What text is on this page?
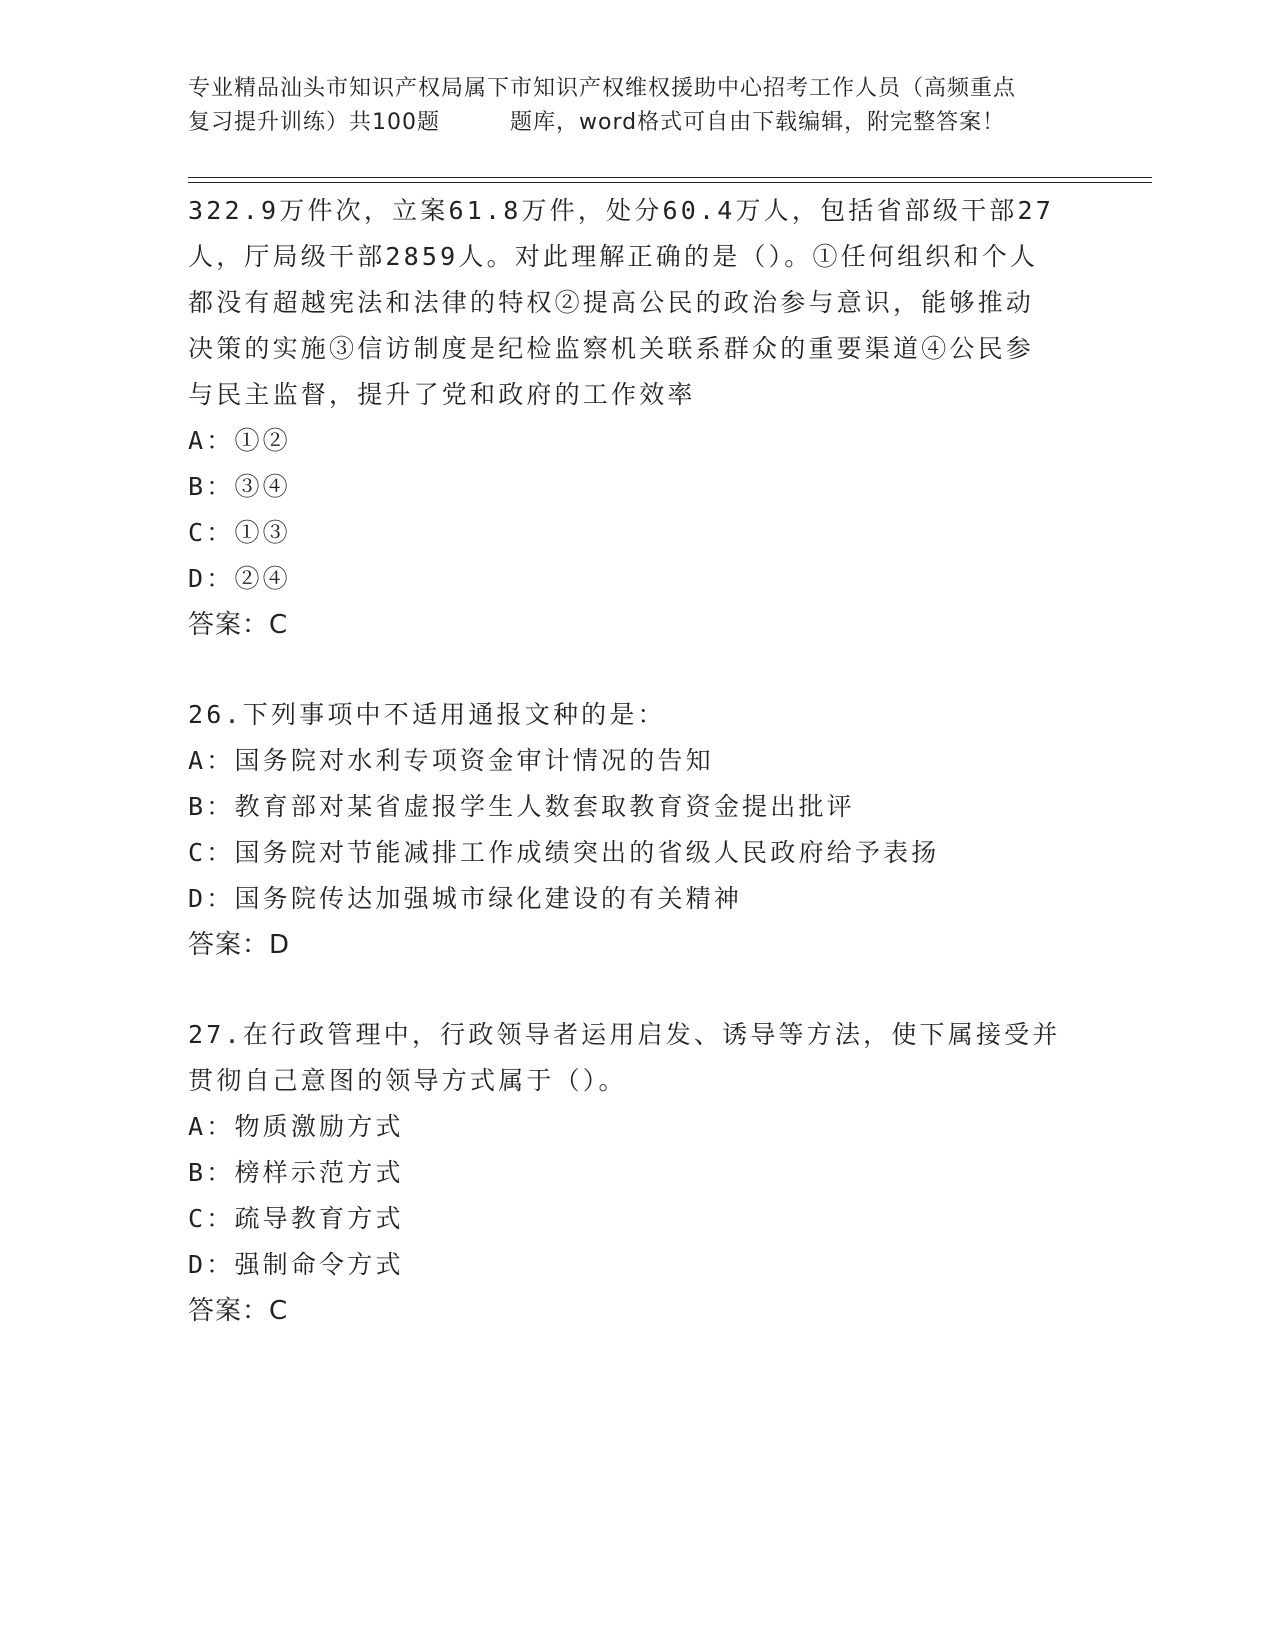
专业精品汕头市知识产权局属下市知识产权维权援助中心招考工作人员（高频重点
复习提升训练）共100题	题库，word格式可自由下载编辑，附完整答案！
322.9万件次，立案61.8万件，处分60.4万人，包括省部级干部27
人，厅局级干部2859人。对此理解正确的是（）。①任何组织和个人
都没有超越宪法和法律的特权②提高公民的政治参与意识，能够推动
决策的实施③信访制度是纪检监察机关联系群众的重要渠道④公民参
与民主监督，提升了党和政府的工作效率
A：①②
B：③④
C：①③
D：②④
答案：C
26.下列事项中不适用通报文种的是：
A：国务院对水利专项资金审计情况的告知
B：教育部对某省虚报学生人数套取教育资金提出批评
C：国务院对节能减排工作成绩突出的省级人民政府给予表扬
D：国务院传达加强城市绿化建设的有关精神
答案：D
27.在行政管理中，行政领导者运用启发、诱导等方法，使下属接受并
贯彻自己意图的领导方式属于（）。
A：物质激励方式
B：榜样示范方式
C：疏导教育方式
D：强制命令方式
答案：C
